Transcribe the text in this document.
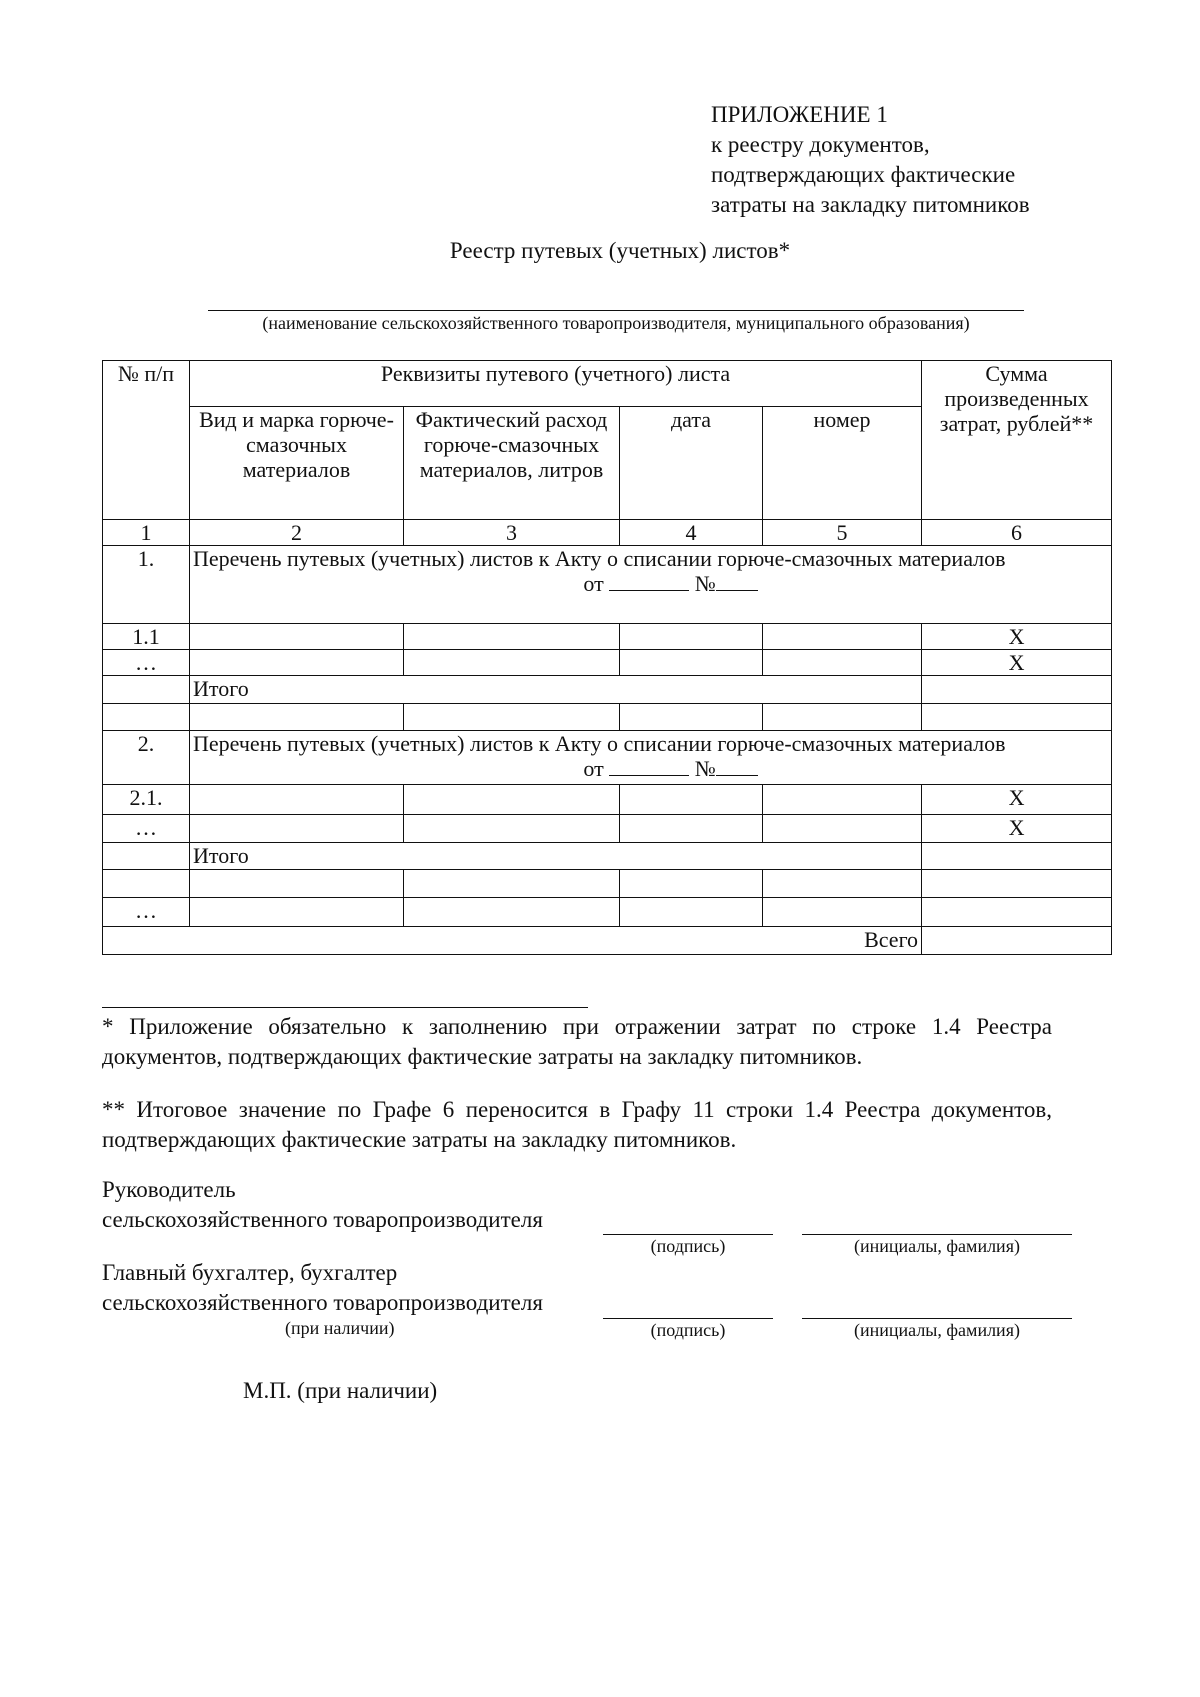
ПРИЛОЖЕНИЕ 1
к реестру документов,
подтверждающих фактические
затраты на закладку питомников
Реестр путевых (учетных) листов*
(наименование сельскохозяйственного товаропроизводителя, муниципального образования)
№ п/п	Реквизиты путевого (учетного) листа				Сумма произведенных затрат, рублей**
	Вид и марка горюче-смазочных материалов	Фактический расход горюче-смазочных материалов, литров	дата	номер	
1	2	3	4	5	6
1.	Перечень путевых (учетных) листов к Акту о списании горюче-смазочных материалов
от №				

1.1					Х
…					Х
	Итого				

2.	Перечень путевых (учетных) листов к Акту о списании горюче-смазочных материалов
от №				

2.1.					Х
…					Х
	Итого				

…					
Всего					
* Приложение обязательно к заполнению при отражении затрат по строке 1.4 Реестра документов, подтверждающих фактические затраты на закладку питомников.
** Итоговое значение по Графе 6 переносится в Графу 11 строки 1.4 Реестра документов, подтверждающих фактические затраты на закладку питомников.
Руководитель
сельскохозяйственного товаропроизводителя
(подпись)	(инициалы, фамилия)
Главный бухгалтер, бухгалтер
сельскохозяйственного товаропроизводителя
(при наличии)	(подпись)	(инициалы, фамилия)
М.П. (при наличии)
